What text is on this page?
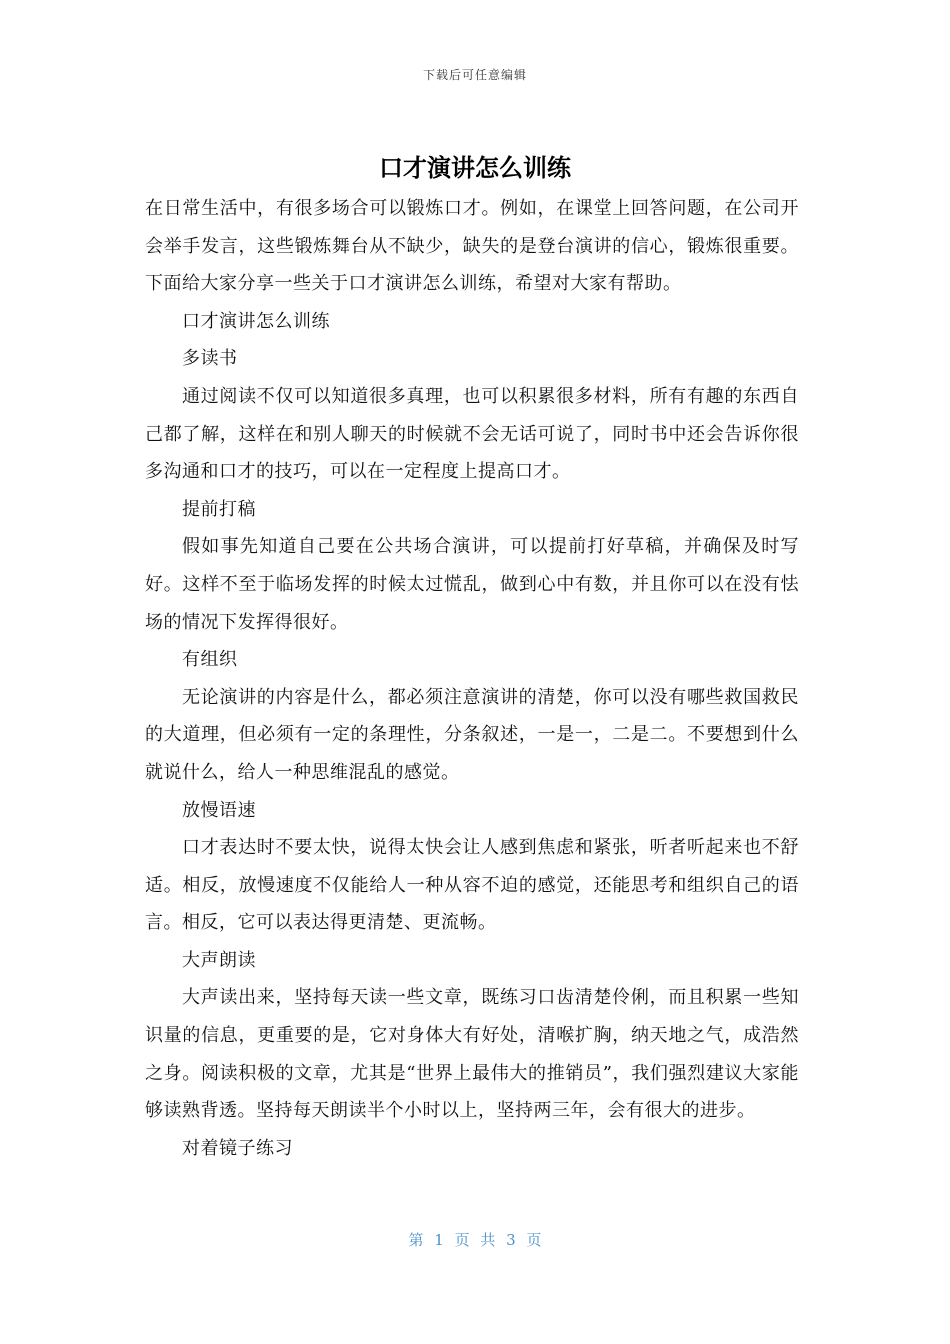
下载后可任意编辑
口才演讲怎么训练

在日常生活中，有很多场合可以锻炼口才。例如，在课堂上回答问题，在公司开会举手发言，这些锻炼舞台从不缺少，缺失的是登台演讲的信心，锻炼很重要。下面给大家分享一些关于口才演讲怎么训练，希望对大家有帮助。

口才演讲怎么训练

多读书

通过阅读不仅可以知道很多真理，也可以积累很多材料，所有有趣的东西自己都了解，这样在和别人聊天的时候就不会无话可说了，同时书中还会告诉你很多沟通和口才的技巧，可以在一定程度上提高口才。

提前打稿

假如事先知道自己要在公共场合演讲，可以提前打好草稿，并确保及时写好。这样不至于临场发挥的时候太过慌乱，做到心中有数，并且你可以在没有怯场的情况下发挥得很好。

有组织

无论演讲的内容是什么，都必须注意演讲的清楚，你可以没有哪些救国救民的大道理，但必须有一定的条理性，分条叙述，一是一，二是二。不要想到什么就说什么，给人一种思维混乱的感觉。

放慢语速

口才表达时不要太快，说得太快会让人感到焦虑和紧张，听者听起来也不舒适。相反，放慢速度不仅能给人一种从容不迫的感觉，还能思考和组织自己的语言。相反，它可以表达得更清楚、更流畅。

大声朗读

大声读出来，坚持每天读一些文章，既练习口齿清楚伶俐，而且积累一些知识量的信息，更重要的是，它对身体大有好处，清喉扩胸，纳天地之气，成浩然之身。阅读积极的文章，尤其是“世界上最伟大的推销员”，我们强烈建议大家能够读熟背透。坚持每天朗读半个小时以上，坚持两三年，会有很大的进步。

对着镜子练习

第 1 页 共 3 页
